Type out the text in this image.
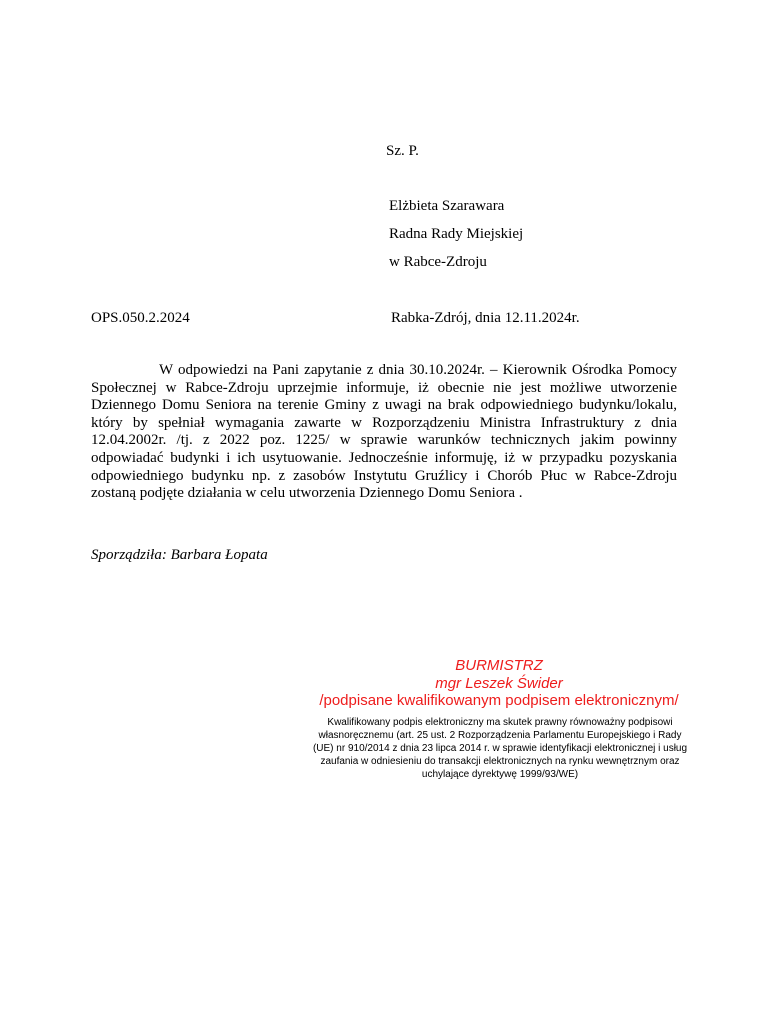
Sz. P.
Elżbieta Szarawara
Radna Rady Miejskiej
w Rabce-Zdroju
OPS.050.2.2024	Rabka-Zdrój, dnia 12.11.2024r.
W odpowiedzi na Pani zapytanie z dnia 30.10.2024r. – Kierownik Ośrodka Pomocy Społecznej w Rabce-Zdroju uprzejmie informuje, iż obecnie nie jest możliwe utworzenie Dziennego Domu Seniora na terenie Gminy z uwagi na brak odpowiedniego budynku/lokalu, który by spełniał wymagania zawarte w Rozporządzeniu Ministra Infrastruktury z dnia 12.04.2002r. /tj. z 2022 poz. 1225/ w sprawie warunków technicznych jakim powinny odpowiadać budynki i ich usytuowanie. Jednocześnie informuję, iż w przypadku pozyskania odpowiedniego budynku np. z zasobów Instytutu Gruźlicy i Chorób Płuc w Rabce-Zdroju zostaną podjęte działania w celu utworzenia Dziennego Domu Seniora .
Sporządziła: Barbara Łopata
BURMISTRZ
mgr Leszek Świder
/podpisane kwalifikowanym podpisem elektronicznym/
Kwalifikowany podpis elektroniczny ma skutek prawny równoważny podpisowi własnoręcznemu (art. 25 ust. 2 Rozporządzenia Parlamentu Europejskiego i Rady (UE) nr 910/2014 z dnia 23 lipca 2014 r. w sprawie identyfikacji elektronicznej i usług zaufania w odniesieniu do transakcji elektronicznych na rynku wewnętrznym oraz uchylające dyrektywę 1999/93/WE)
